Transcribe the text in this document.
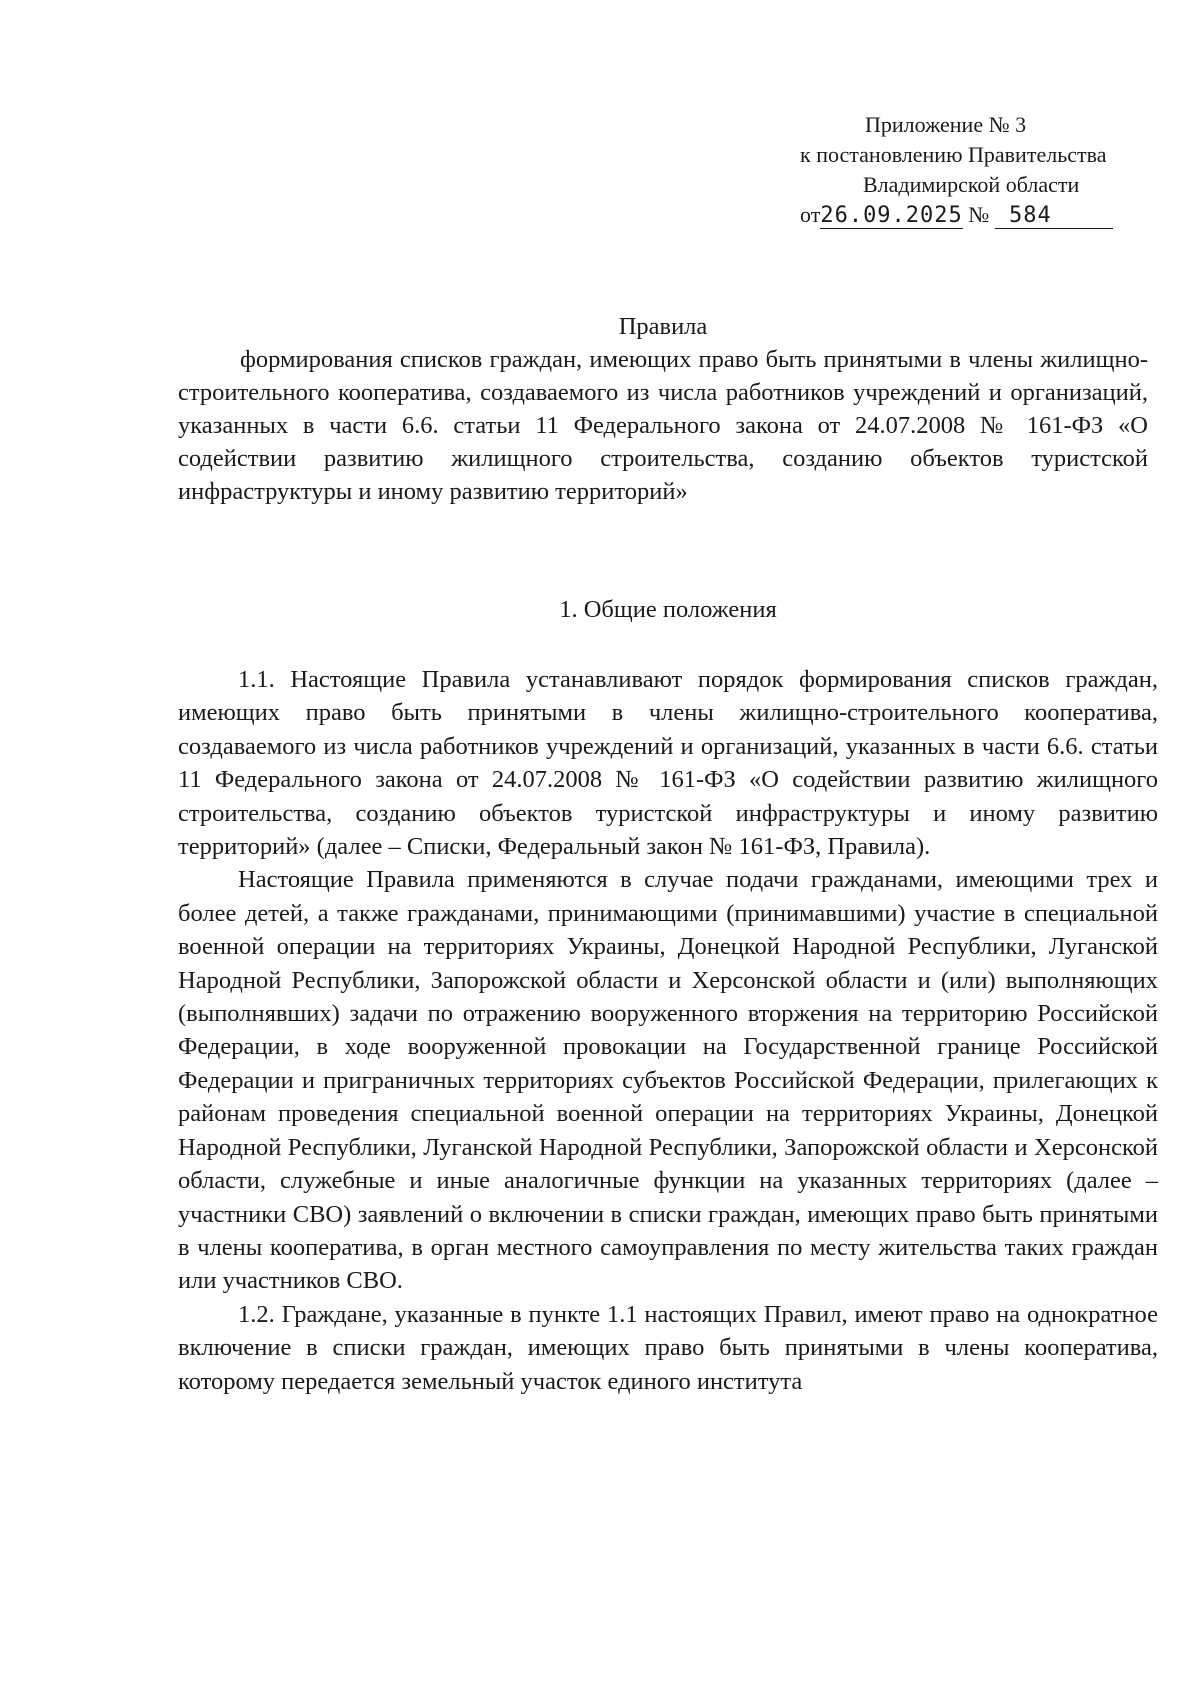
Приложение № 3
к постановлению Правительства
Владимирской области
от26.09.2025 № 584
Правила
формирования списков граждан, имеющих право быть принятыми в члены жилищно-строительного кооператива, создаваемого из числа работников учреждений и организаций, указанных в части 6.6. статьи 11 Федерального закона от 24.07.2008 № 161-ФЗ «О содействии развитию жилищного строительства, созданию объектов туристской инфраструктуры и иному развитию территорий»
1. Общие положения

1.1. Настоящие Правила устанавливают порядок формирования списков граждан, имеющих право быть принятыми в члены жилищно-строительного кооператива, создаваемого из числа работников учреждений и организаций, указанных в части 6.6. статьи 11 Федерального закона от 24.07.2008 № 161-ФЗ «О содействии развитию жилищного строительства, созданию объектов туристской инфраструктуры и иному развитию территорий» (далее – Списки, Федеральный закон № 161-ФЗ, Правила).

Настоящие Правила применяются в случае подачи гражданами, имеющими трех и более детей, а также гражданами, принимающими (принимавшими) участие в специальной военной операции на территориях Украины, Донецкой Народной Республики, Луганской Народной Республики, Запорожской области и Херсонской области и (или) выполняющих (выполнявших) задачи по отражению вооруженного вторжения на территорию Российской Федерации, в ходе вооруженной провокации на Государственной границе Российской Федерации и приграничных территориях субъектов Российской Федерации, прилегающих к районам проведения специальной военной операции на территориях Украины, Донецкой Народной Республики, Луганской Народной Республики, Запорожской области и Херсонской области, служебные и иные аналогичные функции на указанных территориях (далее – участники СВО) заявлений о включении в списки граждан, имеющих право быть принятыми в члены кооператива, в орган местного самоуправления по месту жительства таких граждан или участников СВО.

1.2. Граждане, указанные в пункте 1.1 настоящих Правил, имеют право на однократное включение в списки граждан, имеющих право быть принятыми в члены кооператива, которому передается земельный участок единого института
